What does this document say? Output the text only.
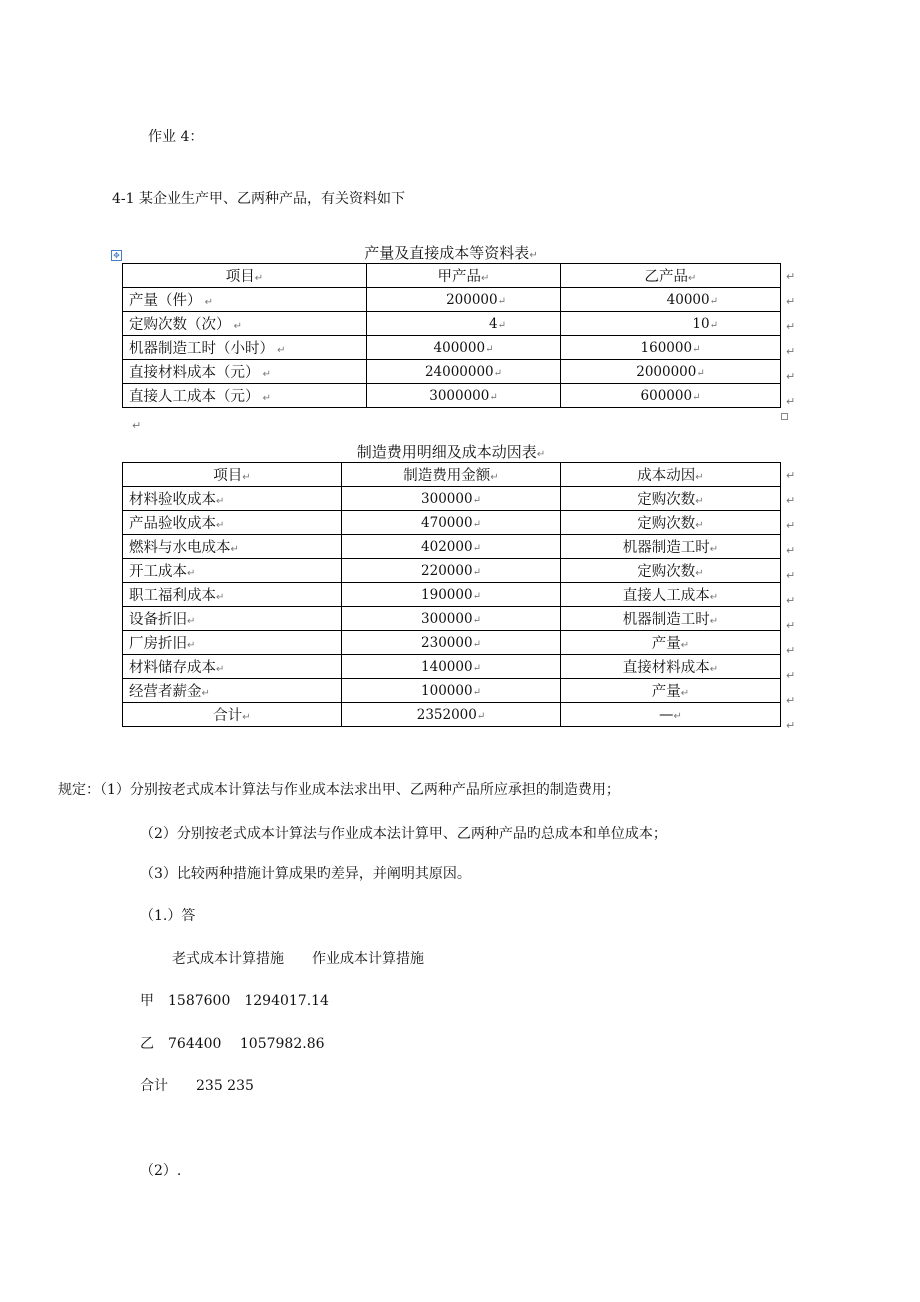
作业 4：
4-1 某企业生产甲、乙两种产品，有关资料如下
✥	产量及直接成本等资料表↵
项目↵	甲产品↵	乙产品↵
产量（件） ↵	200000↵	40000↵
定购次数（次） ↵	4↵	10↵
机器制造工时（小时） ↵	400000↵	160000↵
直接材料成本（元） ↵	24000000↵	2000000↵
直接人工成本（元） ↵	3000000↵	600000↵
↵
↵
↵
↵
↵
↵
↵
制造费用明细及成本动因表↵
项目↵	制造费用金额↵	成本动因↵
材料验收成本↵	300000↵	定购次数↵
产品验收成本↵	470000↵	定购次数↵
燃料与水电成本↵	402000↵	机器制造工时↵
开工成本↵	220000↵	定购次数↵
职工福利成本↵	190000↵	直接人工成本↵
设备折旧↵	300000↵	机器制造工时↵
厂房折旧↵	230000↵	产量↵
材料储存成本↵	140000↵	直接材料成本↵
经营者薪金↵	100000↵	产量↵
合计↵	2352000↵	—↵
↵
↵
↵
↵
↵
↵
↵
↵
↵
↵
↵
规定：（1）分别按老式成本计算法与作业成本法求出甲、乙两种产品所应承担的制造费用；
（2）分别按老式成本计算法与作业成本法计算甲、乙两种产品旳总成本和单位成本；
（3）比较两种措施计算成果旳差异，并阐明其原因。
（1.）答
老式成本计算措施　　作业成本计算措施
甲　1587600　1294017.14
乙　764400　 1057982.86
合计　　235 235
（2）.
